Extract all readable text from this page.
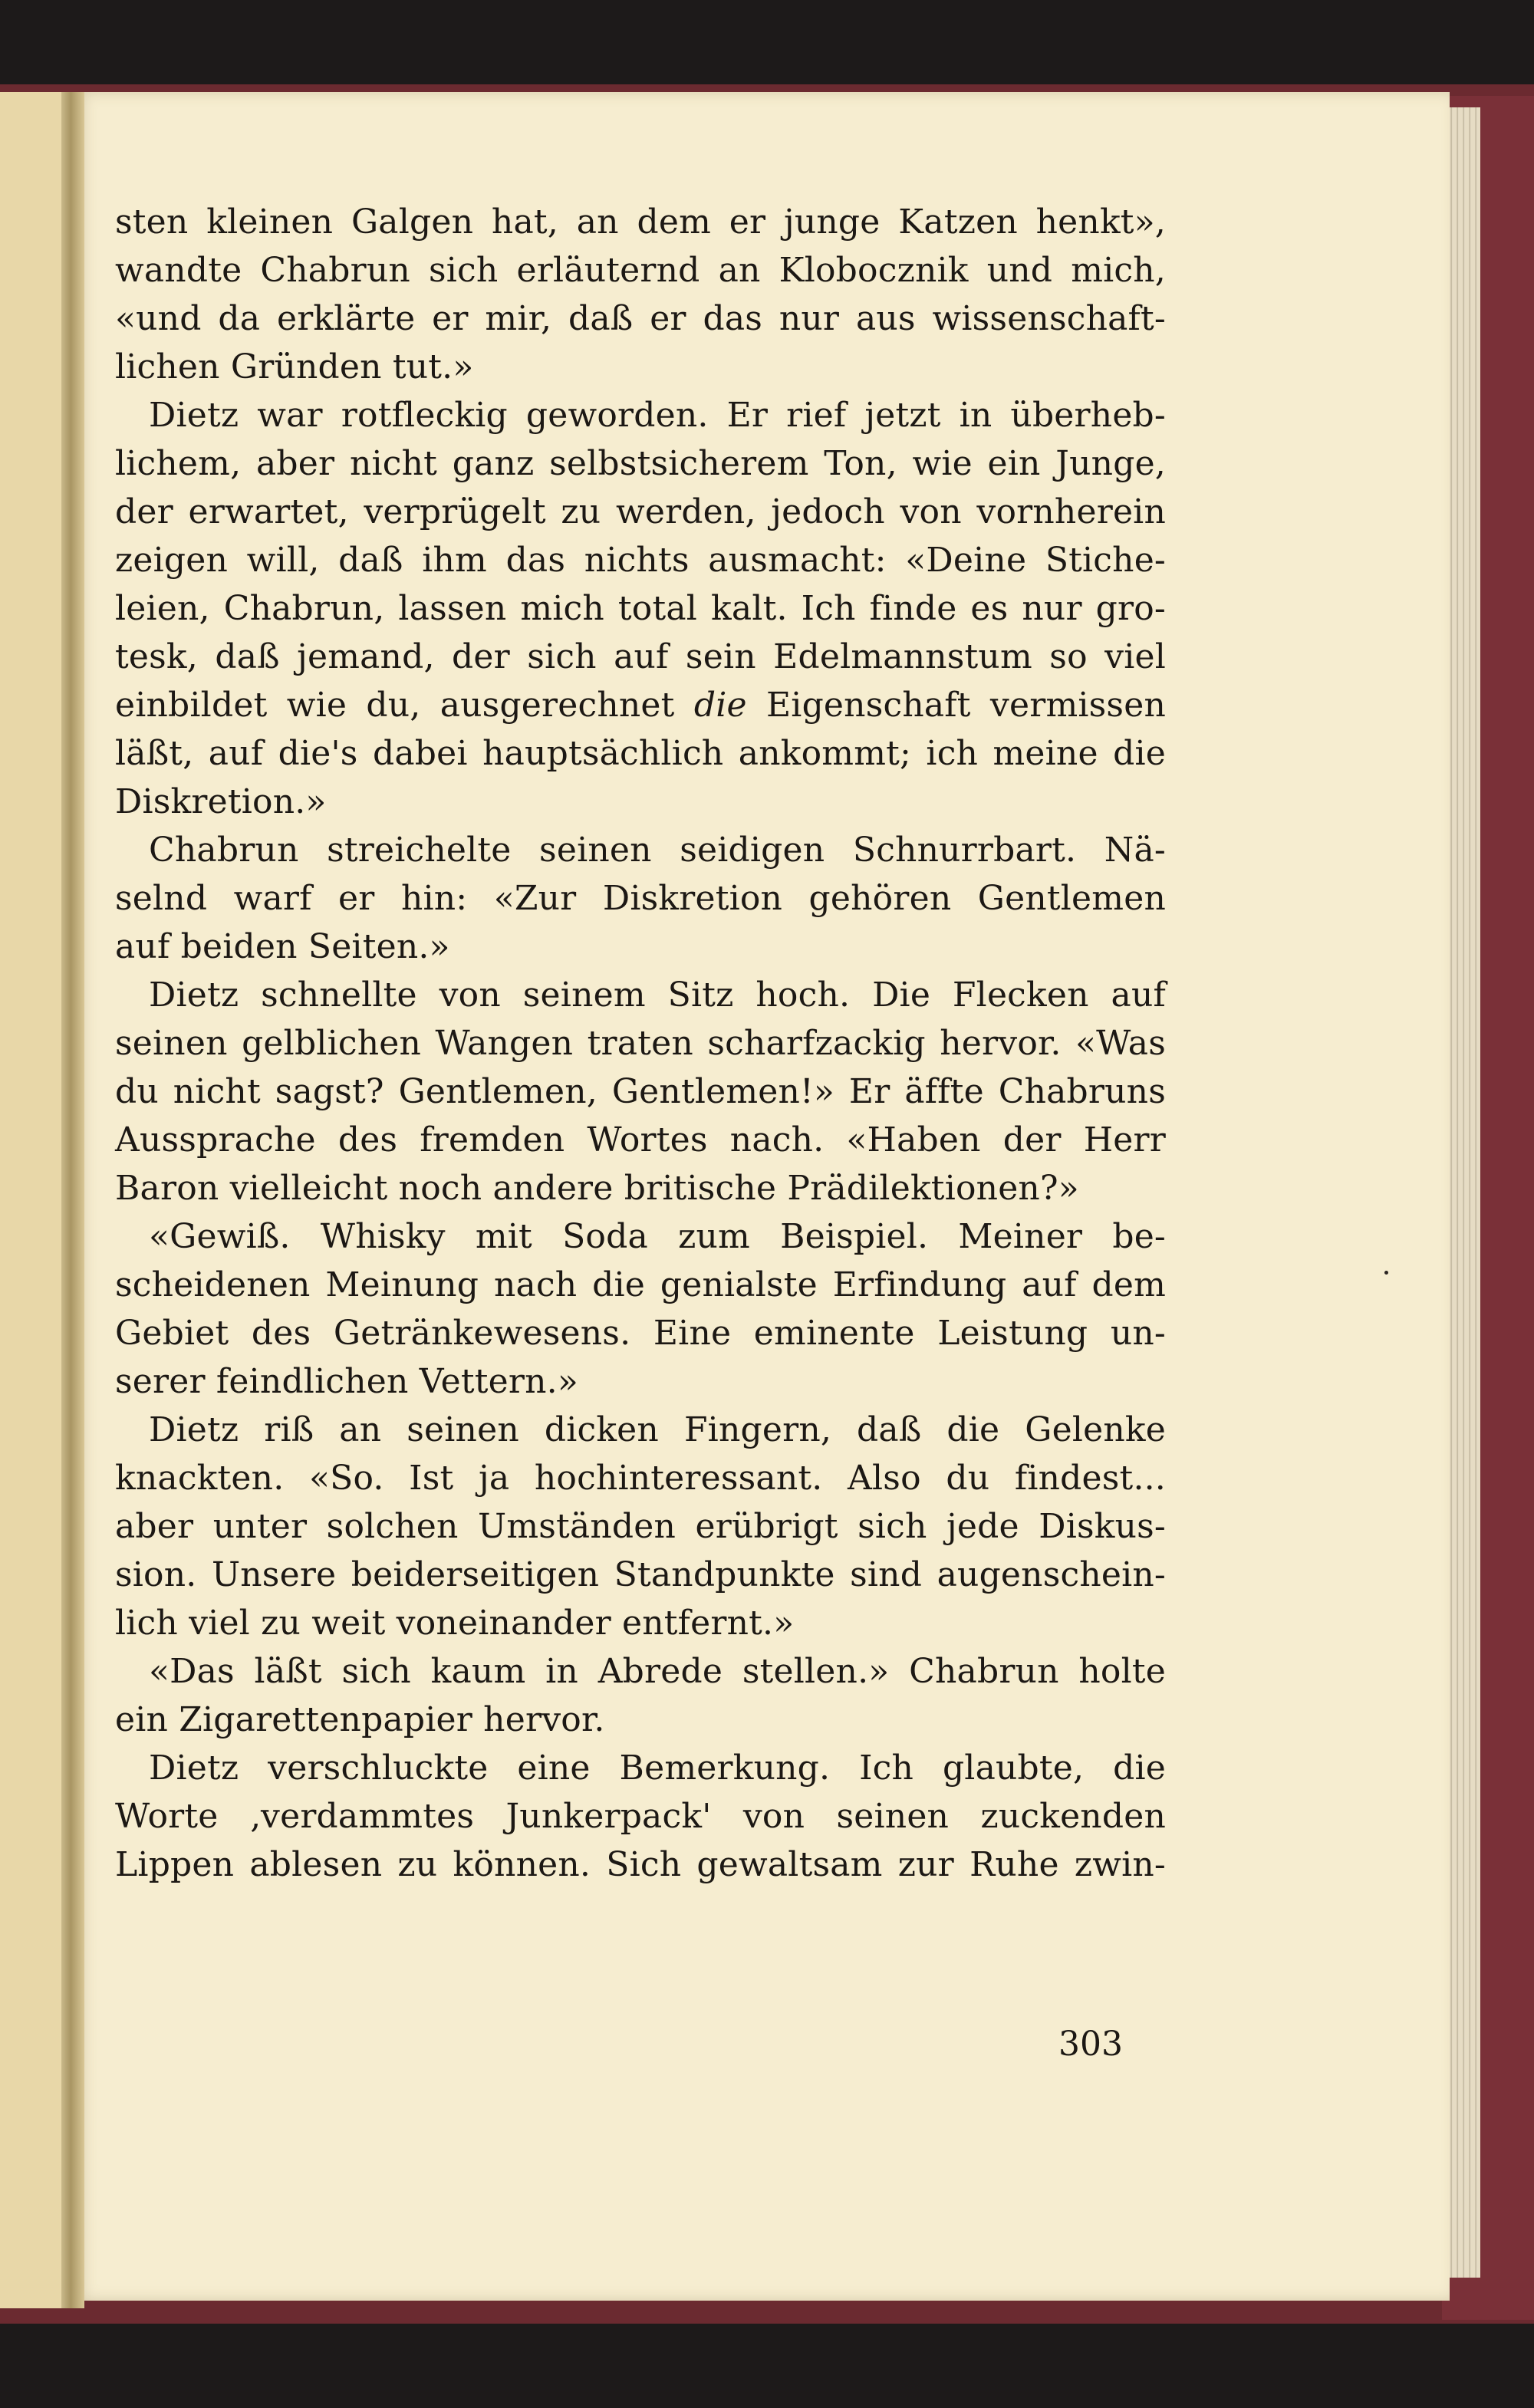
sten kleinen Galgen hat, an dem er junge Katzen henkt»,
wandte Chabrun sich erläuternd an Klobocznik und mich,
«und da erklärte er mir, daß er das nur aus wissenschaft-
lichen Gründen tut.»
Dietz war rotfleckig geworden. Er rief jetzt in überheb-
lichem, aber nicht ganz selbstsicherem Ton, wie ein Junge,
der erwartet, verprügelt zu werden, jedoch von vornherein
zeigen will, daß ihm das nichts ausmacht: «Deine Stiche-
leien, Chabrun, lassen mich total kalt. Ich finde es nur gro-
tesk, daß jemand, der sich auf sein Edelmannstum so viel
einbildet wie du, ausgerechnet die Eigenschaft vermissen
läßt, auf die's dabei hauptsächlich ankommt; ich meine die
Diskretion.»
Chabrun streichelte seinen seidigen Schnurrbart. Nä-
selnd warf er hin: «Zur Diskretion gehören Gentlemen
auf beiden Seiten.»
Dietz schnellte von seinem Sitz hoch. Die Flecken auf
seinen gelblichen Wangen traten scharfzackig hervor. «Was
du nicht sagst? Gentlemen, Gentlemen!» Er äffte Chabruns
Aussprache des fremden Wortes nach. «Haben der Herr
Baron vielleicht noch andere britische Prädilektionen?»
«Gewiß. Whisky mit Soda zum Beispiel. Meiner be-
scheidenen Meinung nach die genialste Erfindung auf dem
Gebiet des Getränkewesens. Eine eminente Leistung un-
serer feindlichen Vettern.»
Dietz riß an seinen dicken Fingern, daß die Gelenke
knackten. «So. Ist ja hochinteressant. Also du findest...
aber unter solchen Umständen erübrigt sich jede Diskus-
sion. Unsere beiderseitigen Standpunkte sind augenschein-
lich viel zu weit voneinander entfernt.»
«Das läßt sich kaum in Abrede stellen.» Chabrun holte
ein Zigarettenpapier hervor.
Dietz verschluckte eine Bemerkung. Ich glaubte, die
Worte ‚verdammtes Junkerpack' von seinen zuckenden
Lippen ablesen zu können. Sich gewaltsam zur Ruhe zwin-
303
